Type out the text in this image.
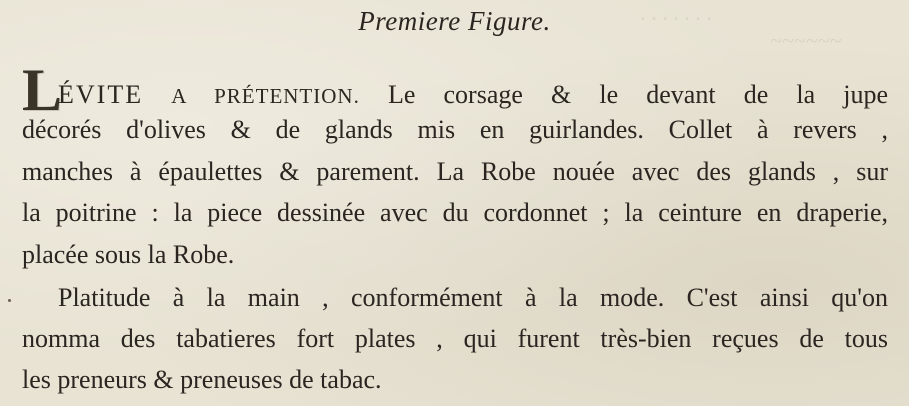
· · · · · · ·
~~~~~~
Premiere Figure.
L
ÉVITE A PRÉTENTION. Le corsage & le devant de la jupe
décorés d'olives & de glands mis en guirlandes. Collet à revers ,
manches à épaulettes & parement. La Robe nouée avec des glands , sur
la poitrine : la piece dessinée avec du cordonnet ; la ceinture en draperie,
placée sous la Robe.
Platitude à la main , conformément à la mode. C'est ainsi qu'on
nomma des tabatieres fort plates , qui furent très-bien reçues de tous
les preneurs & preneuses de tabac.
